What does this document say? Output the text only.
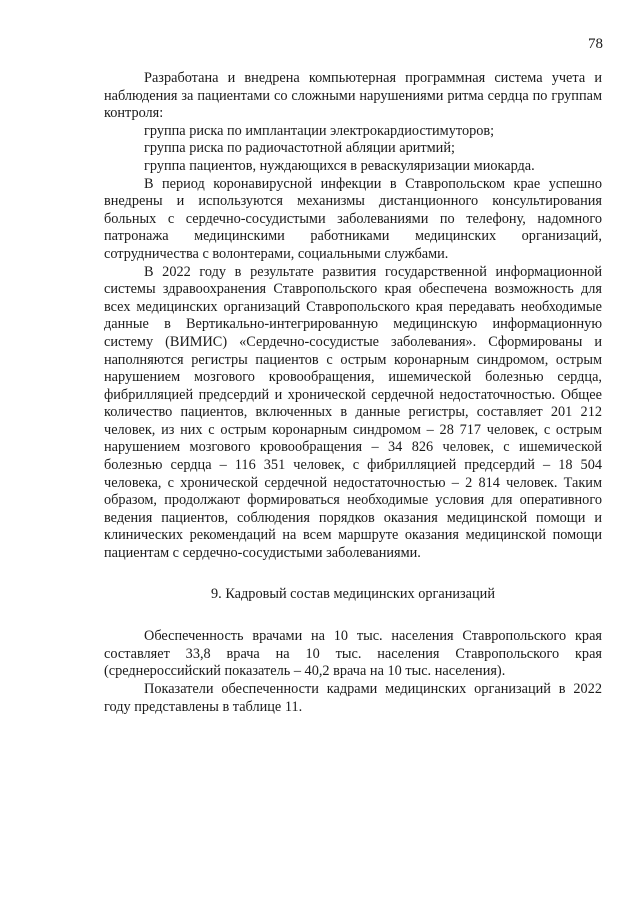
78

Разработана и внедрена компьютерная программная система учета и наблюдения за пациентами со сложными нарушениями ритма сердца по группам контроля:

группа риска по имплантации электрокардиостимуторов;

группа риска по радиочастотной абляции аритмий;

группа пациентов, нуждающихся в реваскуляризации миокарда.

В период коронавирусной инфекции в Ставропольском крае успешно внедрены и используются механизмы дистанционного консультирования больных с сердечно-сосудистыми заболеваниями по телефону, надомного патронажа медицинскими работниками медицинских организаций, сотрудничества с волонтерами, социальными службами.

В 2022 году в результате развития государственной информационной системы здравоохранения Ставропольского края обеспечена возможность для всех медицинских организаций Ставропольского края передавать необходимые данные в Вертикально-интегрированную медицинскую информационную систему (ВИМИС) «Сердечно-сосудистые заболевания». Сформированы и наполняются регистры пациентов с острым коронарным синдромом, острым нарушением мозгового кровообращения, ишемической болезнью сердца, фибрилляцией предсердий и хронической сердечной недостаточностью. Общее количество пациентов, включенных в данные регистры, составляет 201 212 человек, из них с острым коронарным синдромом – 28 717 человек, с острым нарушением мозгового кровообращения – 34 826 человек, с ишемической болезнью сердца – 116 351 человек, с фибрилляцией предсердий – 18 504 человека, с хронической сердечной недостаточностью – 2 814 человек. Таким образом, продолжают формироваться необходимые условия для оперативного ведения пациентов, соблюдения порядков оказания медицинской помощи и клинических рекомендаций на всем маршруте оказания медицинской помощи пациентам с сердечно-сосудистыми заболеваниями.

9. Кадровый состав медицинских организаций

Обеспеченность врачами на 10 тыс. населения Ставропольского края составляет 33,8 врача на 10 тыс. населения Ставропольского края (среднероссийский показатель – 40,2 врача на 10 тыс. населения).

Показатели обеспеченности кадрами медицинских организаций в 2022 году представлены в таблице 11.
